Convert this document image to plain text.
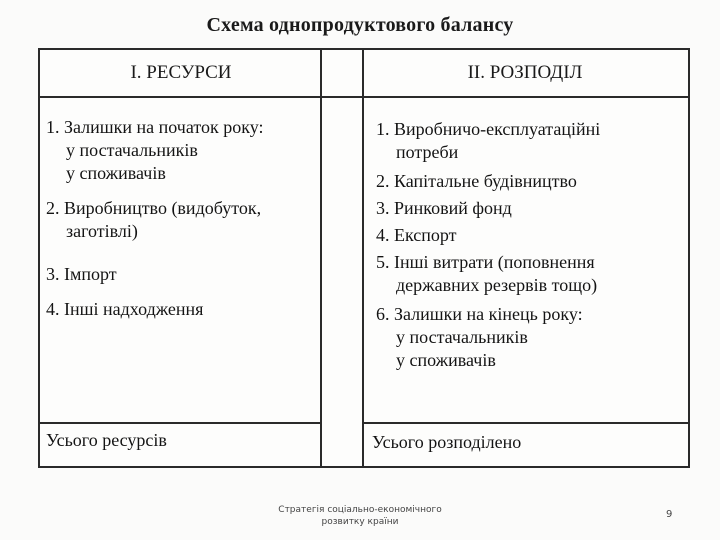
Схема однопродуктового балансу
І. РЕСУРСИ	ІІ. РОЗПОДІЛ
1. Залишки на початок року:
у постачальників
у споживачів
2. Виробництво (видобуток,
заготівлі)
3. Імпорт
4. Інші надходження
1. Виробничо-експлуатаційні
потреби
2. Капітальне будівництво
3. Ринковий фонд
4. Експорт
5. Інші витрати (поповнення
державних резервів тощо)
6. Залишки на кінець року:
у постачальників
у споживачів
Усього ресурсів	Усього розподілено
Стратегія соціально-економічного
розвитку країни
9
